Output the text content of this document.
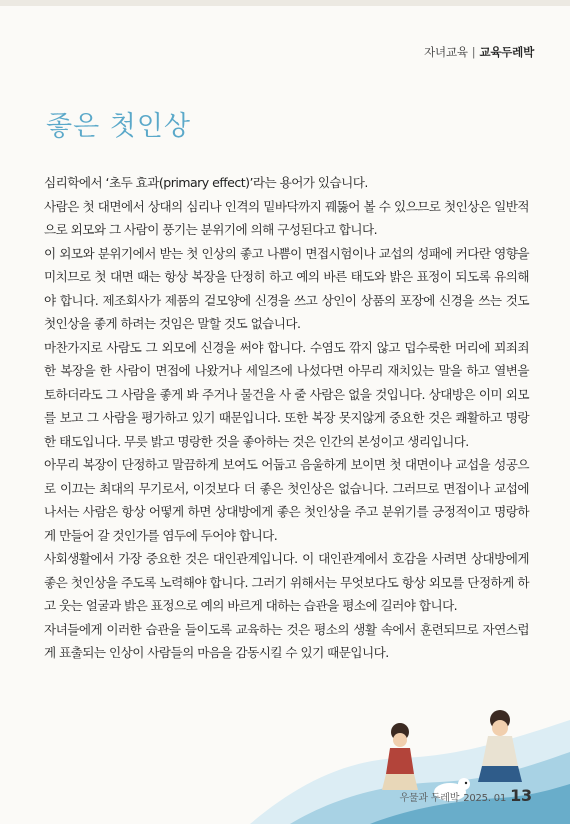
자녀교육 | 교육두레박
좋은 첫인상

심리학에서 ‘초두 효과(primary effect)’라는 용어가 있습니다.

사람은 첫 대면에서 상대의 심리나 인격의 밑바닥까지 꿰뚫어 볼 수 있으므로 첫인상은 일반적으로 외모와 그 사람이 풍기는 분위기에 의해 구성된다고 합니다.

이 외모와 분위기에서 받는 첫 인상의 좋고 나쁨이 면접시험이나 교섭의 성패에 커다란 영향을 미치므로 첫 대면 때는 항상 복장을 단정히 하고 예의 바른 태도와 밝은 표정이 되도록 유의해야 합니다. 제조회사가 제품의 겉모양에 신경을 쓰고 상인이 상품의 포장에 신경을 쓰는 것도 첫인상을 좋게 하려는 것임은 말할 것도 없습니다.

마찬가지로 사람도 그 외모에 신경을 써야 합니다. 수염도 깎지 않고 덥수룩한 머리에 꾀죄죄한 복장을 한 사람이 면접에 나왔거나 세일즈에 나섰다면 아무리 재치있는 말을 하고 열변을 토하더라도 그 사람을 좋게 봐 주거나 물건을 사 줄 사람은 없을 것입니다. 상대방은 이미 외모를 보고 그 사람을 평가하고 있기 때문입니다. 또한 복장 못지않게 중요한 것은 쾌활하고 명랑한 태도입니다. 무릇 밝고 명랑한 것을 좋아하는 것은 인간의 본성이고 생리입니다.

아무리 복장이 단정하고 말끔하게 보여도 어둡고 음울하게 보이면 첫 대면이나 교섭을 성공으로 이끄는 최대의 무기로서, 이것보다 더 좋은 첫인상은 없습니다. 그러므로 면접이나 교섭에 나서는 사람은 항상 어떻게 하면 상대방에게 좋은 첫인상을 주고 분위기를 긍정적이고 명랑하게 만들어 갈 것인가를 염두에 두어야 합니다.

사회생활에서 가장 중요한 것은 대인관계입니다. 이 대인관계에서 호감을 사려면 상대방에게 좋은 첫인상을 주도록 노력해야 합니다. 그러기 위해서는 무엇보다도 항상 외모를 단정하게 하고 웃는 얼굴과 밝은 표정으로 예의 바르게 대하는 습관을 평소에 길러야 합니다.

자녀들에게 이러한 습관을 들이도록 교육하는 것은 평소의 생활 속에서 훈련되므로 자연스럽게 표출되는 인상이 사람들의 마음을 감동시킬 수 있기 때문입니다.

우물과 두레박 2025. 01 13
